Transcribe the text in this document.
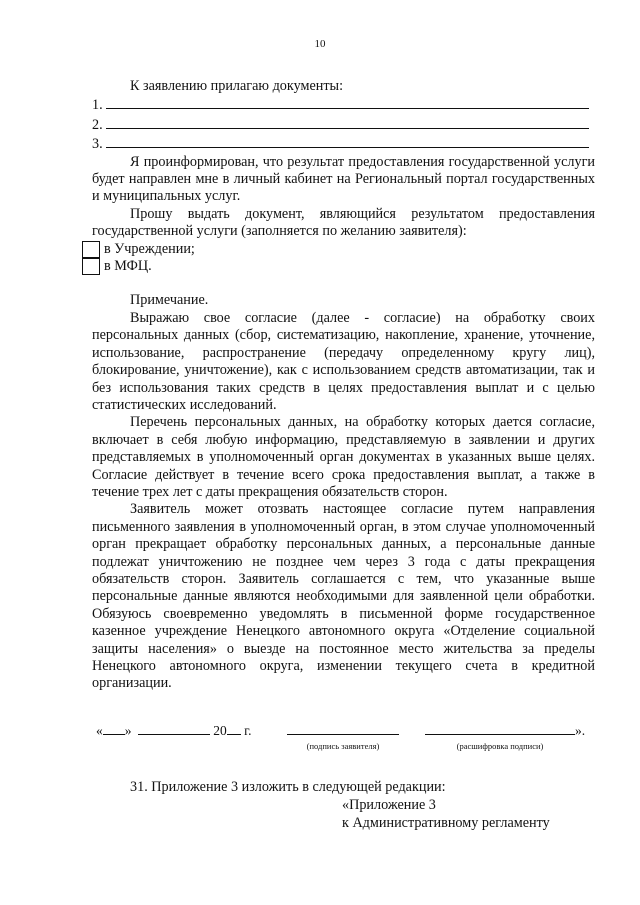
10

К заявлению прилагаю документы:

1.
2.
3.

Я проинформирован, что результат предоставления государственной услуги будет направлен мне в личный кабинет на Региональный портал государственных и муниципальных услуг.

Прошу выдать документ, являющийся результатом предоставления государственной услуги (заполняется по желанию заявителя):

в Учреждении;
в МФЦ.

Примечание.

Выражаю свое согласие (далее - согласие) на обработку своих персональных данных (сбор, систематизацию, накопление, хранение, уточнение, использование, распространение (передачу определенному кругу лиц), блокирование, уничтожение), как с использованием средств автоматизации, так и без использования таких средств в целях предоставления выплат и с целью статистических исследований.

Перечень персональных данных, на обработку которых дается согласие, включает в себя любую информацию, представляемую в заявлении и других представляемых в уполномоченный орган документах в указанных выше целях. Согласие действует в течение всего срока предоставления выплат, а также в течение трех лет с даты прекращения обязательств сторон.

Заявитель может отозвать настоящее согласие путем направления письменного заявления в уполномоченный орган, в этом случае уполномоченный орган прекращает обработку персональных данных, а персональные данные подлежат уничтожению не позднее чем через 3 года с даты прекращения обязательств сторон. Заявитель соглашается с тем, что указанные выше персональные данные являются необходимыми для заявленной цели обработки. Обязуюсь своевременно уведомлять в письменной форме государственное казенное учреждение Ненецкого автономного округа «Отделение социальной защиты населения» о выезде на постоянное место жительства за пределы Ненецкого автономного округа, изменении текущего счета в кредитной организации.

« »	20 г.
(подпись заявителя)
».
(расшифровка подписи)

31. Приложение 3 изложить в следующей редакции:

«Приложение 3

к Административному регламенту
